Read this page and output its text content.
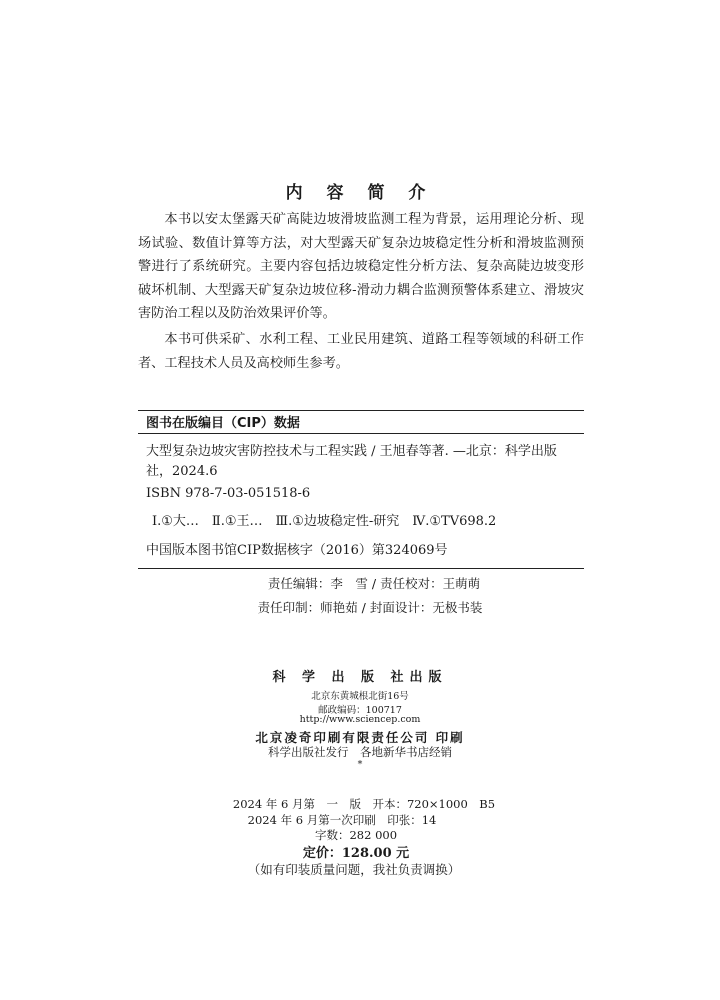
内 容 简 介

本书以安太堡露天矿高陡边坡滑坡监测工程为背景，运用理论分析、现场试验、数值计算等方法，对大型露天矿复杂边坡稳定性分析和滑坡监测预警进行了系统研究。主要内容包括边坡稳定性分析方法、复杂高陡边坡变形破坏机制、大型露天矿复杂边坡位移-滑动力耦合监测预警体系建立、滑坡灾害防治工程以及防治效果评价等。

本书可供采矿、水利工程、工业民用建筑、道路工程等领域的科研工作者、工程技术人员及高校师生参考。

图书在版编目（CIP）数据
大型复杂边坡灾害防控技术与工程实践 / 王旭春等著. —北京：科学出版社，2024.6
ISBN 978-7-03-051518-6
Ⅰ.①大…　Ⅱ.①王…　Ⅲ.①边坡稳定性-研究　Ⅳ.①TV698.2
中国版本图书馆CIP数据核字（2016）第324069号
责任编辑：李　雪 / 责任校对：王萌萌
责任印制：师艳茹 / 封面设计：无极书装
科 学 出 版 社出版
北京东黄城根北街16号
邮政编码：100717
http://www.sciencep.com
北京凌奇印刷有限责任公司 印刷
科学出版社发行　各地新华书店经销
*
2024 年 6 月第　一　版　开本：720×1000　B5
2024 年 6 月第一次印刷　印张：14
字数：282 000
定价：128.00 元
（如有印装质量问题，我社负责调换）
